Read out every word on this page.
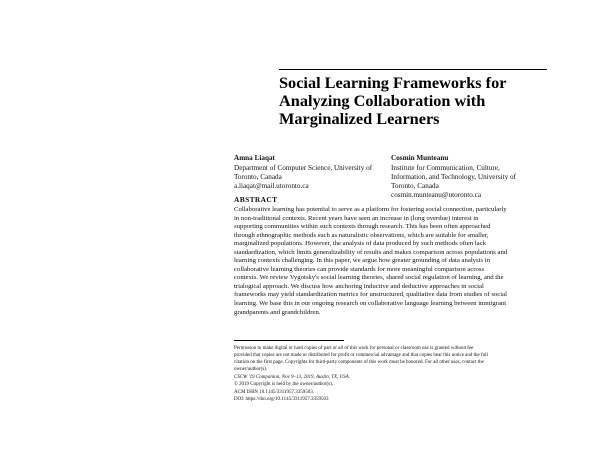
Social Learning Frameworks for
Analyzing Collaboration with
Marginalized Learners
Amna Liaqat
Department of Computer Science, University of
Toronto, Canada
a.liaqat@mail.utoronto.ca
Cosmin Munteanu
Institute for Communication, Culture,
Information, and Technology, University of
Toronto, Canada
cosmin.munteanu@utoronto.ca
ABSTRACT
Collaborative learning has potential to serve as a platform for fostering social connection, particularly
in non-traditional contexts. Recent years have seen an increase in (long overdue) interest in
supporting communities within such contexts through research. This has been often approached
through ethnographic methods such as naturalistic observations, which are suitable for smaller,
marginalized populations. However, the analysis of data produced by such methods often lack
standardization, which limits generalizability of results and makes comparison across populations and
learning contexts challenging. In this paper, we argue how greater grounding of data analysis in
collaborative learning theories can provide standards for more meaningful comparison across
contexts. We review Vygotsky's social learning theories, shared social regulation of learning, and the
trialogical approach. We discuss how anchoring inductive and deductive approaches in social
frameworks may yield standardization metrics for unstructured, qualitative data from studies of social
learning. We base this in our ongoing research on collaborative language learning between immigrant
grandparents and grandchildren.
Permission to make digital or hard copies of part or all of this work for personal or classroom use is granted without fee
provided that copies are not made or distributed for profit or commercial advantage and that copies bear this notice and the full
citation on the first page. Copyrights for third-party components of this work must be honored. For all other uses, contact the
owner/author(s).

CSCW '19 Companion, Nov 9–13, 2019, Austin, TX, USA.

© 2019 Copyright is held by the owner/author(s).

ACM ISBN 10.1145/3311957.3359503.

DOI: https://doi.org/10.1145/3311957.3359503
